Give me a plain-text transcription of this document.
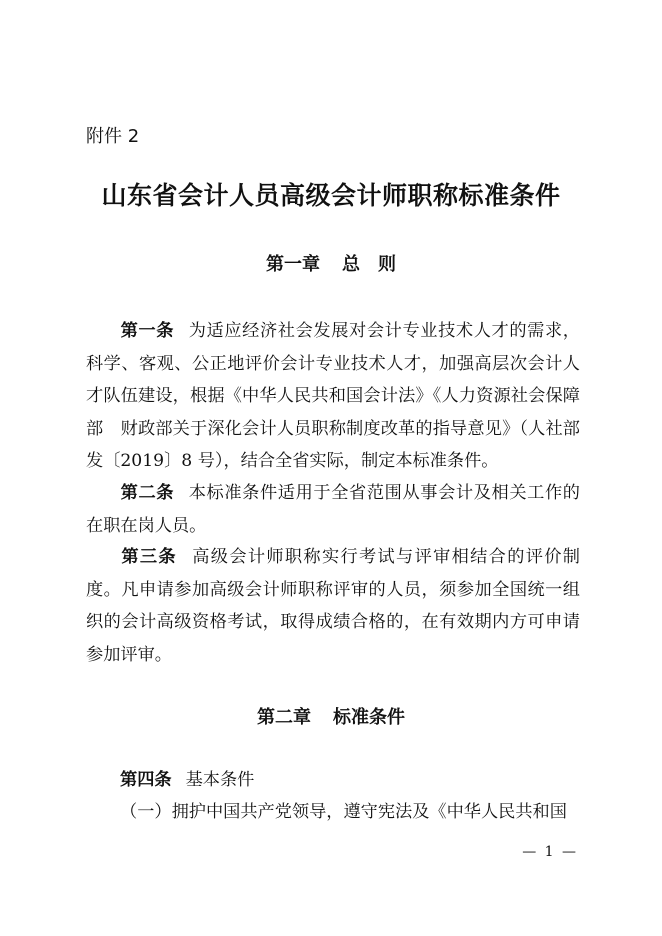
附件 2
山东省会计人员高级会计师职称标准条件
第一章 总　则
第一条 为适应经济社会发展对会计专业技术人才的需求，科学、客观、公正地评价会计专业技术人才，加强高层次会计人才队伍建设，根据《中华人民共和国会计法》《人力资源社会保障部　财政部关于深化会计人员职称制度改革的指导意见》（人社部发〔2019〕8 号），结合全省实际，制定本标准条件。
第二条 本标准条件适用于全省范围从事会计及相关工作的在职在岗人员。
第三条 高级会计师职称实行考试与评审相结合的评价制度。凡申请参加高级会计师职称评审的人员，须参加全国统一组织的会计高级资格考试，取得成绩合格的，在有效期内方可申请参加评审。
第二章 标准条件
第四条 基本条件
（一）拥护中国共产党领导，遵守宪法及《中华人民共和国
— 1 —
